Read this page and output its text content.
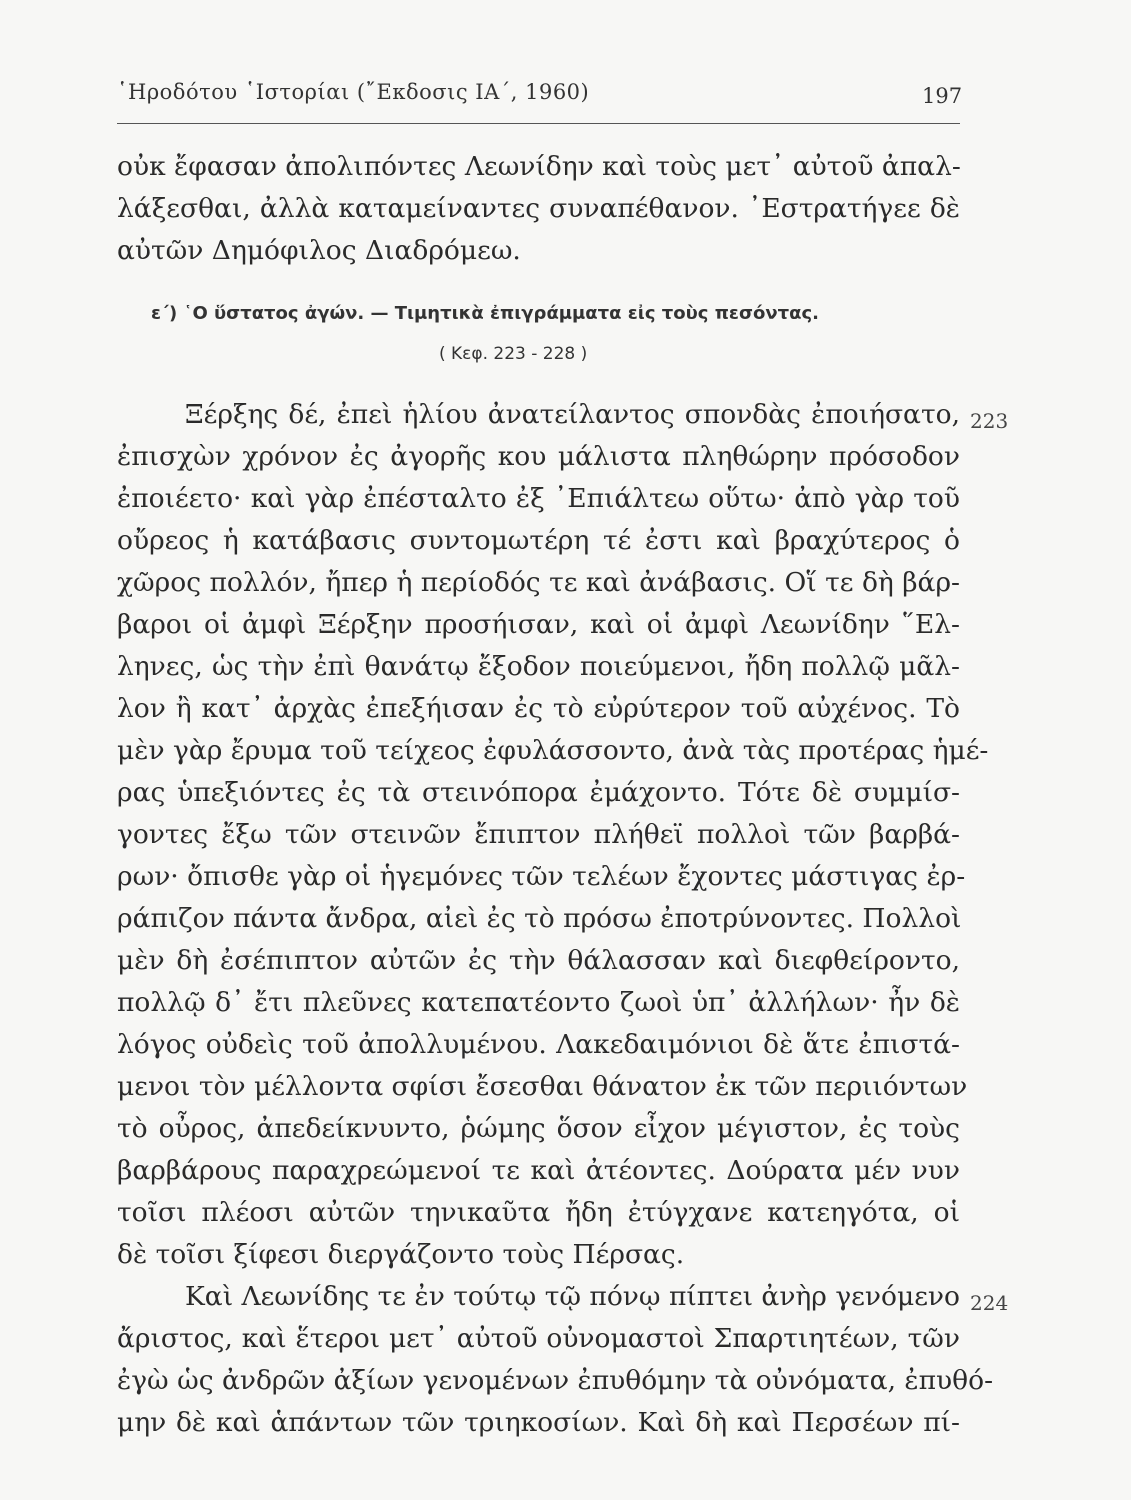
῾Ηροδότου ῾Ιστορίαι (῎Εκδοσις ΙΑ΄, 1960)	197
οὐκ ἔφασαν ἀπολιπόντες Λεωνίδην καὶ τοὺς μετ᾿ αὐτοῦ ἀπαλ-
λάξεσθαι, ἀλλὰ καταμείναντες συναπέθανον. ᾿Εστρατήγεε δὲ
αὐτῶν Δημόφιλος Διαδρόμεω.
ε΄) ῾Ο ὕστατος ἀγών. — Τιμητικὰ ἐπιγράμματα εἰς τοὺς πεσόντας.
( Κεφ. 223 - 228 )
Ξέρξης δέ, ἐπεὶ ἡλίου ἀνατείλαντος σπονδὰς ἐποιήσατο, 223
ἐπισχὼν χρόνον ἐς ἀγορῆς κου μάλιστα πληθώρην πρόσοδον
ἐποιέετο· καὶ γὰρ ἐπέσταλτο ἐξ ᾿Επιάλτεω οὕτω· ἀπὸ γὰρ τοῦ
οὔρεος ἡ κατάβασις συντομωτέρη τέ ἐστι καὶ βραχύτερος ὁ
χῶρος πολλόν, ἤπερ ἡ περίοδός τε καὶ ἀνάβασις. Οἵ τε δὴ βάρ-
βαροι οἱ ἀμφὶ Ξέρξην προσήισαν, καὶ οἱ ἀμφὶ Λεωνίδην ῞Ελ-
ληνες, ὡς τὴν ἐπὶ θανάτῳ ἔξοδον ποιεύμενοι, ἤδη πολλῷ μᾶλ-
λον ἢ κατ᾿ ἀρχὰς ἐπεξήισαν ἐς τὸ εὐρύτερον τοῦ αὐχένος. Τὸ
μὲν γὰρ ἔρυμα τοῦ τείχεος ἐφυλάσσοντο, ἀνὰ τὰς προτέρας ἡμέ-
ρας ὑπεξιόντες ἐς τὰ στεινόπορα ἐμάχοντο. Τότε δὲ συμμίσ-
γοντες ἔξω τῶν στεινῶν ἔπιπτον πλήθεϊ πολλοὶ τῶν βαρβά-
ρων· ὄπισθε γὰρ οἱ ἡγεμόνες τῶν τελέων ἔχοντες μάστιγας ἐρ-
ράπιζον πάντα ἄνδρα, αἰεὶ ἐς τὸ πρόσω ἐποτρύνοντες. Πολλοὶ
μὲν δὴ ἐσέπιπτον αὐτῶν ἐς τὴν θάλασσαν καὶ διεφθείροντο,
πολλῷ δ᾿ ἔτι πλεῦνες κατεπατέοντο ζωοὶ ὑπ᾿ ἀλλήλων· ἦν δὲ
λόγος οὐδεὶς τοῦ ἀπολλυμένου. Λακεδαιμόνιοι δὲ ἅτε ἐπιστά-
μενοι τὸν μέλλοντα σφίσι ἔσεσθαι θάνατον ἐκ τῶν περιιόντων
τὸ οὖρος, ἀπεδείκνυντο, ῥώμης ὅσον εἶχον μέγιστον, ἐς τοὺς
βαρβάρους παραχρεώμενοί τε καὶ ἀτέοντες. Δούρατα μέν νυν
τοῖσι πλέοσι αὐτῶν τηνικαῦτα ἤδη ἐτύγχανε κατεηγότα, οἱ
δὲ τοῖσι ξίφεσι διεργάζοντο τοὺς Πέρσας.
Καὶ Λεωνίδης τε ἐν τούτῳ τῷ πόνῳ πίπτει ἀνὴρ γενόμενο 224
ἄριστος, καὶ ἕτεροι μετ᾿ αὐτοῦ οὐνομαστοὶ Σπαρτιητέων, τῶν
ἐγὼ ὡς ἀνδρῶν ἀξίων γενομένων ἐπυθόμην τὰ οὐνόματα, ἐπυθό-
μην δὲ καὶ ἁπάντων τῶν τριηκοσίων. Καὶ δὴ καὶ Περσέων πί-
